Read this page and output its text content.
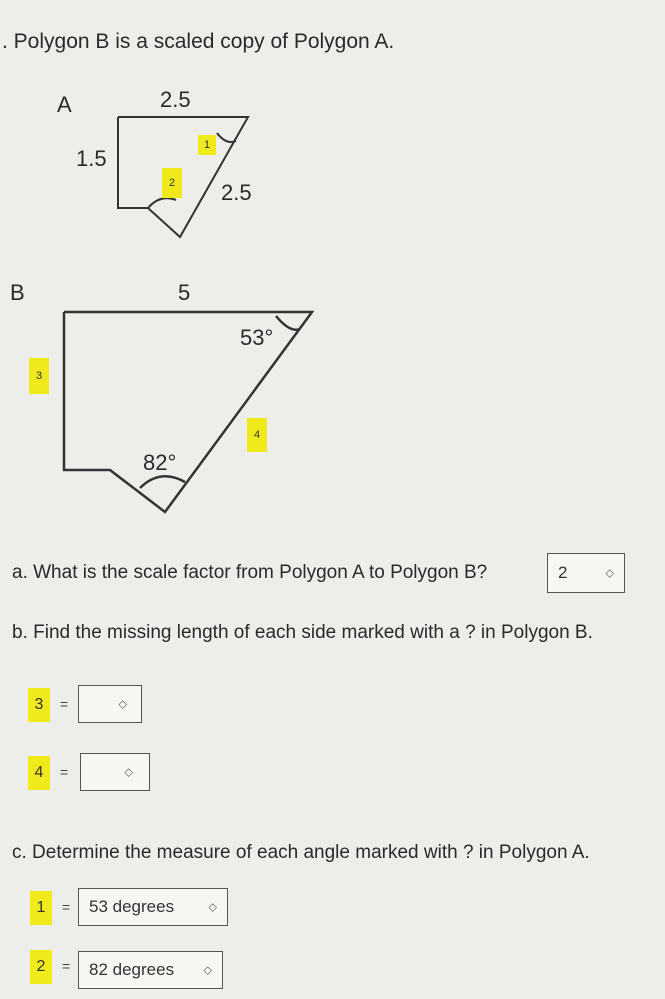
. Polygon B is a scaled copy of Polygon A.
A	2.5
1.5
2.5
1
2
B	5
53°
82°
3
4
a. What is the scale factor from Polygon A to Polygon B?	2	◇
b. Find the missing length of each side marked with a ? in Polygon B.
3	=	◇
4	=	◇
c. Determine the measure of each angle marked with ? in Polygon A.
1	= 53 degrees	◇
2	= 82 degrees	◇
